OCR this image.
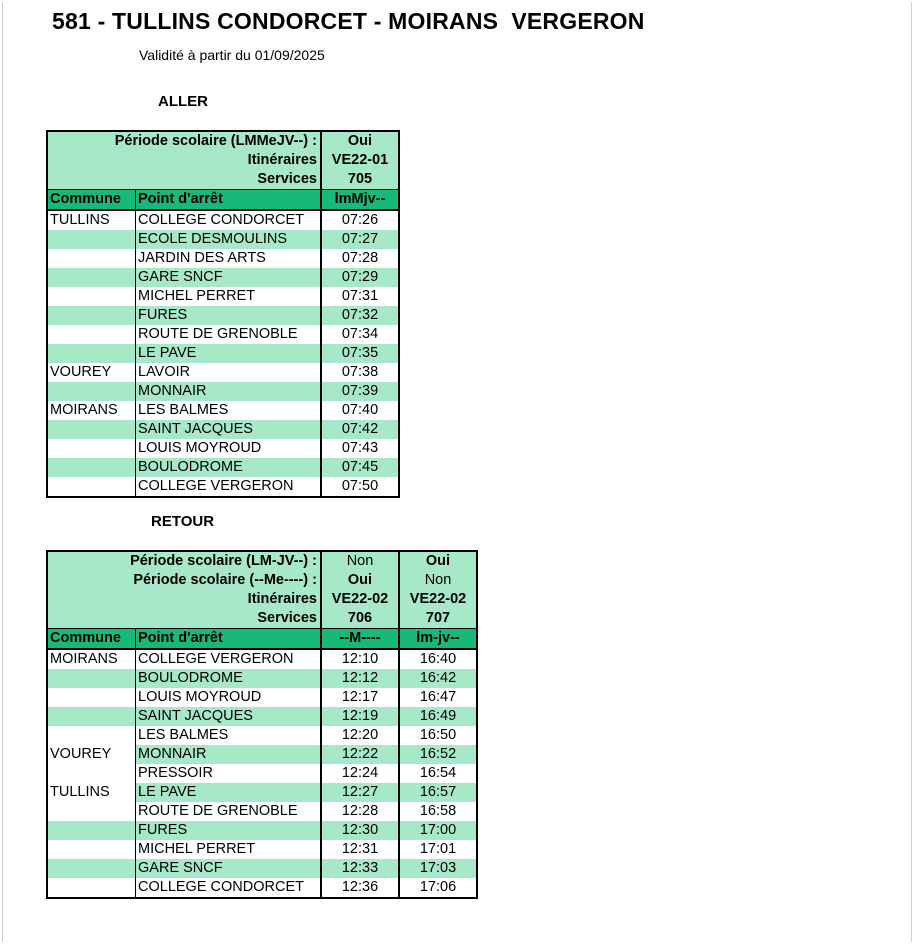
581 - TULLINS CONDORCET - MOIRANS  VERGERON
Validité à partir du 01/09/2025
ALLER
Période scolaire (LMMeJV--) :		Oui
Itinéraires		VE22-01
Services		705
Commune	Point d'arrêt	lmMjv--
TULLINS	COLLEGE CONDORCET	07:26
	ECOLE DESMOULINS	07:27
	JARDIN DES ARTS	07:28
	GARE SNCF	07:29
	MICHEL PERRET	07:31
	FURES	07:32
	ROUTE DE GRENOBLE	07:34
	LE PAVE	07:35
VOUREY	LAVOIR	07:38
	MONNAIR	07:39
MOIRANS	LES BALMES	07:40
	SAINT JACQUES	07:42
	LOUIS MOYROUD	07:43
	BOULODROME	07:45
	COLLEGE VERGERON	07:50
RETOUR
Période scolaire (LM-JV--) :		Non	Oui
Période scolaire (--Me----) :		Oui	Non
Itinéraires		VE22-02	VE22-02
Services		706	707
Commune	Point d'arrêt	--M----	lm-jv--
MOIRANS	COLLEGE VERGERON	12:10	16:40
	BOULODROME	12:12	16:42
	LOUIS MOYROUD	12:17	16:47
	SAINT JACQUES	12:19	16:49
	LES BALMES	12:20	16:50
VOUREY	MONNAIR	12:22	16:52
	PRESSOIR	12:24	16:54
TULLINS	LE PAVE	12:27	16:57
	ROUTE DE GRENOBLE	12:28	16:58
	FURES	12:30	17:00
	MICHEL PERRET	12:31	17:01
	GARE SNCF	12:33	17:03
	COLLEGE CONDORCET	12:36	17:06
